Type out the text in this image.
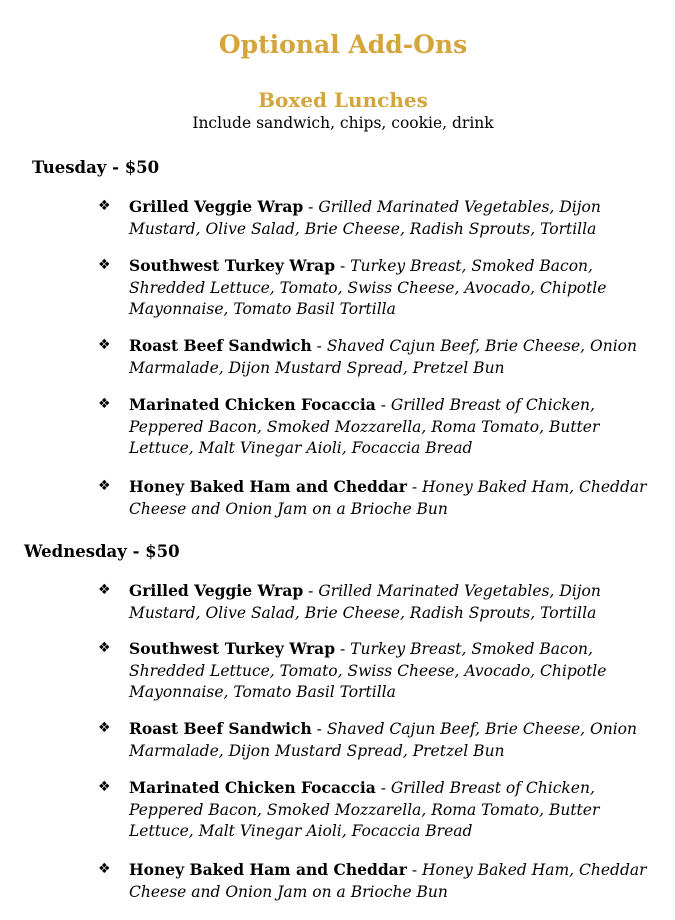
Optional Add-Ons
Boxed Lunches

Include sandwich, chips, cookie, drink

Tuesday - $50

❖ Grilled Veggie Wrap - Grilled Marinated Vegetables, Dijon Mustard, Olive Salad, Brie Cheese, Radish Sprouts, Tortilla
❖ Southwest Turkey Wrap - Turkey Breast, Smoked Bacon, Shredded Lettuce, Tomato, Swiss Cheese, Avocado, Chipotle Mayonnaise, Tomato Basil Tortilla
❖ Roast Beef Sandwich - Shaved Cajun Beef, Brie Cheese, Onion Marmalade, Dijon Mustard Spread, Pretzel Bun
❖ Marinated Chicken Focaccia - Grilled Breast of Chicken, Peppered Bacon, Smoked Mozzarella, Roma Tomato, Butter Lettuce, Malt Vinegar Aioli, Focaccia Bread
❖ Honey Baked Ham and Cheddar - Honey Baked Ham, Cheddar Cheese and Onion Jam on a Brioche Bun

Wednesday - $50

❖ Grilled Veggie Wrap - Grilled Marinated Vegetables, Dijon Mustard, Olive Salad, Brie Cheese, Radish Sprouts, Tortilla
❖ Southwest Turkey Wrap - Turkey Breast, Smoked Bacon, Shredded Lettuce, Tomato, Swiss Cheese, Avocado, Chipotle Mayonnaise, Tomato Basil Tortilla
❖ Roast Beef Sandwich - Shaved Cajun Beef, Brie Cheese, Onion Marmalade, Dijon Mustard Spread, Pretzel Bun
❖ Marinated Chicken Focaccia - Grilled Breast of Chicken, Peppered Bacon, Smoked Mozzarella, Roma Tomato, Butter Lettuce, Malt Vinegar Aioli, Focaccia Bread
❖ Honey Baked Ham and Cheddar - Honey Baked Ham, Cheddar Cheese and Onion Jam on a Brioche Bun
